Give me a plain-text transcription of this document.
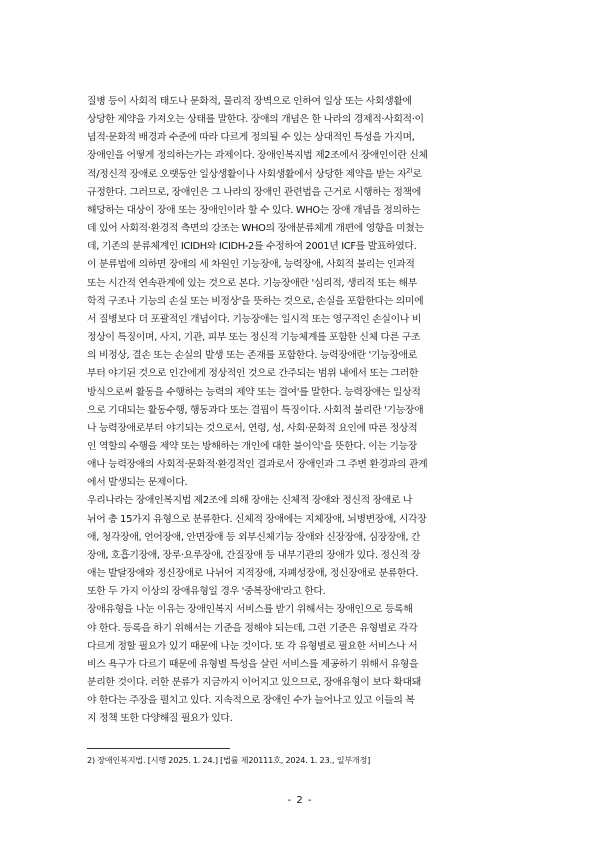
질병 등이 사회적 태도나 문화적, 물리적 장벽으로 인하여 일상 또는 사회생활에
상당한 제약을 가져오는 상태를 말한다. 장애의 개념은 한 나라의 경제적·사회적·이
념적·문화적 배경과 수준에 따라 다르게 정의될 수 있는 상대적인 특성을 가지며,
장애인을 어떻게 정의하는가는 과제이다. 장애인복지법 제2조에서 장애인이란 신체
적/정신적 장애로 오랫동안 일상생활이나 사회생활에서 상당한 제약을 받는 자$^{2)}$로
규정한다. 그러므로, 장애인은 그 나라의 장애인 관련법을 근거로 시행하는 정책에
해당하는 대상이 장애 또는 장애인이라 할 수 있다. WHO는 장애 개념을 정의하는
데 있어 사회적·환경적 측면의 강조는 WHO의 장애분류체계 개편에 영향을 미쳤는
데, 기존의 분류체계인 ICIDH와 ICIDH-2를 수정하여 2001년 ICF를 발표하였다.
이 분류법에 의하면 장애의 세 차원인 기능장애, 능력장애, 사회적 불리는 인과적
또는 시간적 연속관계에 있는 것으로 본다. 기능장애란 '심리적, 생리적 또는 해부
학적 구조나 기능의 손실 또는 비정상'을 뜻하는 것으로, 손실을 포함한다는 의미에
서 질병보다 더 포괄적인 개념이다. 기능장애는 일시적 또는 영구적인 손실이나 비
정상이 특징이며, 사지, 기관, 피부 또는 정신적 기능체계를 포함한 신체 다른 구조
의 비정상, 결손 또는 손실의 발생 또는 존재를 포함한다. 능력장애란 '기능장애로
부터 야기된 것으로 인간에게 정상적인 것으로 간주되는 범위 내에서 또는 그러한
방식으로써 활동을 수행하는 능력의 제약 또는 결여'를 말한다. 능력장애는 일상적
으로 기대되는 활동수행, 행동과다 또는 결핍이 특징이다. 사회적 불리란 '기능장애
나 능력장애로부터 야기되는 것으로서, 연령, 성, 사회·문화적 요인에 따른 정상적
인 역할의 수행을 제약 또는 방해하는 개인에 대한 불이익'을 뜻한다. 이는 기능장
애나 능력장애의 사회적·문화적·환경적인 결과로서 장애인과 그 주변 환경과의 관계
에서 발생되는 문제이다.
우리나라는 장애인복지법 제2조에 의해 장애는 신체적 장애와 정신적 장애로 나
뉘어 총 15가지 유형으로 분류한다. 신체적 장애에는 지체장애, 뇌병변장애, 시각장
애, 청각장애, 언어장애, 안면장애 등 외부신체기능 장애와 신장장애, 심장장애, 간
장애, 호흡기장애, 장루·요루장애, 간질장애 등 내부기관의 장애가 있다. 정신적 장
애는 발달장애와 정신장애로 나뉘어 지적장애, 자폐성장애, 정신장애로 분류한다.
또한 두 가지 이상의 장애유형일 경우 '중복장애'라고 한다.
장애유형을 나눈 이유는 장애인복지 서비스를 받기 위해서는 장애인으로 등록해
야 한다. 등록을 하기 위해서는 기준을 정해야 되는데, 그런 기준은 유형별로 각각
다르게 정할 필요가 있기 때문에 나눈 것이다. 또 각 유형별로 필요한 서비스나 서
비스 욕구가 다르기 때문에 유형별 특성을 살린 서비스를 제공하기 위해서 유형을
분리한 것이다. 러한 분류가 지금까지 이어지고 있으므로, 장애유형이 보다 확대돼
야 한다는 주장을 펼치고 있다. 지속적으로 장애인 수가 늘어나고 있고 이들의 복
지 정책 또한 다양해질 필요가 있다.
2) 장애인복지법. [시행 2025. 1. 24.] [법률 제20111호, 2024. 1. 23., 일부개정]
- 2 -
